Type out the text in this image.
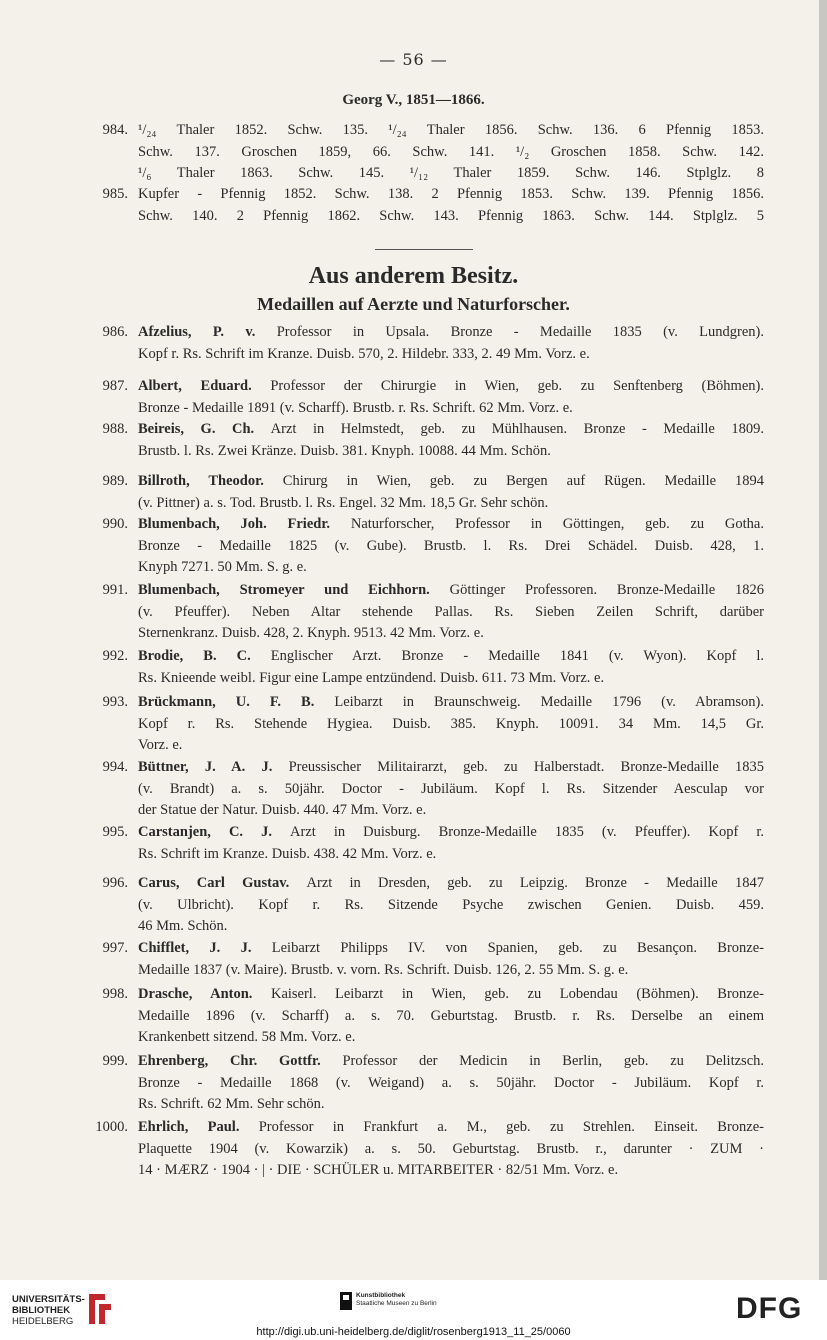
— 56 —
Georg V., 1851—1866.
984. ¹/₂₄ Thaler 1852. Schw. 135. ¹/₂₄ Thaler 1856. Schw. 136. 6 Pfennig 1853.
Schw. 137. Groschen 1859, 66. Schw. 141. ¹/₂ Groschen 1858. Schw. 142.
¹/₆ Thaler 1863. Schw. 145. ¹/₁₂ Thaler 1859. Schw. 146. Stplglz. 8
985. Kupfer - Pfennig 1852. Schw. 138. 2 Pfennig 1853. Schw. 139. Pfennig 1856.
Schw. 140. 2 Pfennig 1862. Schw. 143. Pfennig 1863. Schw. 144. Stplglz. 5
Aus anderem Besitz.
Medaillen auf Aerzte und Naturforscher.
986. Afzelius, P. v. Professor in Upsala. Bronze - Medaille 1835 (v. Lundgren).
Kopf r. Rs. Schrift im Kranze. Duisb. 570, 2. Hildebr. 333, 2. 49 Mm. Vorz. e.
987. Albert, Eduard. Professor der Chirurgie in Wien, geb. zu Senftenberg (Böhmen).
Bronze - Medaille 1891 (v. Scharff). Brustb. r. Rs. Schrift. 62 Mm. Vorz. e.
988. Beireis, G. Ch. Arzt in Helmstedt, geb. zu Mühlhausen. Bronze - Medaille 1809.
Brustb. l. Rs. Zwei Kränze. Duisb. 381. Knyph. 10088. 44 Mm. Schön.
989. Billroth, Theodor. Chirurg in Wien, geb. zu Bergen auf Rügen. Medaille 1894
(v. Pittner) a. s. Tod. Brustb. l. Rs. Engel. 32 Mm. 18,5 Gr. Sehr schön.
990. Blumenbach, Joh. Friedr. Naturforscher, Professor in Göttingen, geb. zu Gotha.
Bronze - Medaille 1825 (v. Gube). Brustb. l. Rs. Drei Schädel. Duisb. 428, 1.
Knyph 7271. 50 Mm. S. g. e.
991. Blumenbach, Stromeyer und Eichhorn. Göttinger Professoren. Bronze-Medaille 1826
(v. Pfeuffer). Neben Altar stehende Pallas. Rs. Sieben Zeilen Schrift, darüber
Sternenkranz. Duisb. 428, 2. Knyph. 9513. 42 Mm. Vorz. e.
992. Brodie, B. C. Englischer Arzt. Bronze - Medaille 1841 (v. Wyon). Kopf l.
Rs. Knieende weibl. Figur eine Lampe entzündend. Duisb. 611. 73 Mm. Vorz. e.
993. Brückmann, U. F. B. Leibarzt in Braunschweig. Medaille 1796 (v. Abramson).
Kopf r. Rs. Stehende Hygiea. Duisb. 385. Knyph. 10091. 34 Mm. 14,5 Gr.
Vorz. e.
994. Büttner, J. A. J. Preussischer Militairarzt, geb. zu Halberstadt. Bronze-Medaille 1835
(v. Brandt) a. s. 50jähr. Doctor - Jubiläum. Kopf l. Rs. Sitzender Aesculap vor
der Statue der Natur. Duisb. 440. 47 Mm. Vorz. e.
995. Carstanjen, C. J. Arzt in Duisburg. Bronze-Medaille 1835 (v. Pfeuffer). Kopf r.
Rs. Schrift im Kranze. Duisb. 438. 42 Mm. Vorz. e.
996. Carus, Carl Gustav. Arzt in Dresden, geb. zu Leipzig. Bronze - Medaille 1847
(v. Ulbricht). Kopf r. Rs. Sitzende Psyche zwischen Genien. Duisb. 459.
46 Mm. Schön.
997. Chifflet, J. J. Leibarzt Philipps IV. von Spanien, geb. zu Besançon. Bronze-
Medaille 1837 (v. Maire). Brustb. v. vorn. Rs. Schrift. Duisb. 126, 2. 55 Mm. S. g. e.
998. Drasche, Anton. Kaiserl. Leibarzt in Wien, geb. zu Lobendau (Böhmen). Bronze-
Medaille 1896 (v. Scharff) a. s. 70. Geburtstag. Brustb. r. Rs. Derselbe an einem
Krankenbett sitzend. 58 Mm. Vorz. e.
999. Ehrenberg, Chr. Gottfr. Professor der Medicin in Berlin, geb. zu Delitzsch.
Bronze - Medaille 1868 (v. Weigand) a. s. 50jähr. Doctor - Jubiläum. Kopf r.
Rs. Schrift. 62 Mm. Sehr schön.
1000. Ehrlich, Paul. Professor in Frankfurt a. M., geb. zu Strehlen. Einseit. Bronze-
Plaquette 1904 (v. Kowarzik) a. s. 50. Geburtstag. Brustb. r., darunter · ZUM ·
14 · MÆRZ · 1904 · | · DIE · SCHÜLER u. MITARBEITER · 82/51 Mm. Vorz. e.
UNIVERSITÄTS-
BIBLIOTHEK
HEIDELBERG
Kunstbibliothek
Staatliche Museen zu Berlin	DFG
http://digi.ub.uni-heidelberg.de/diglit/rosenberg1913_11_25/0060
